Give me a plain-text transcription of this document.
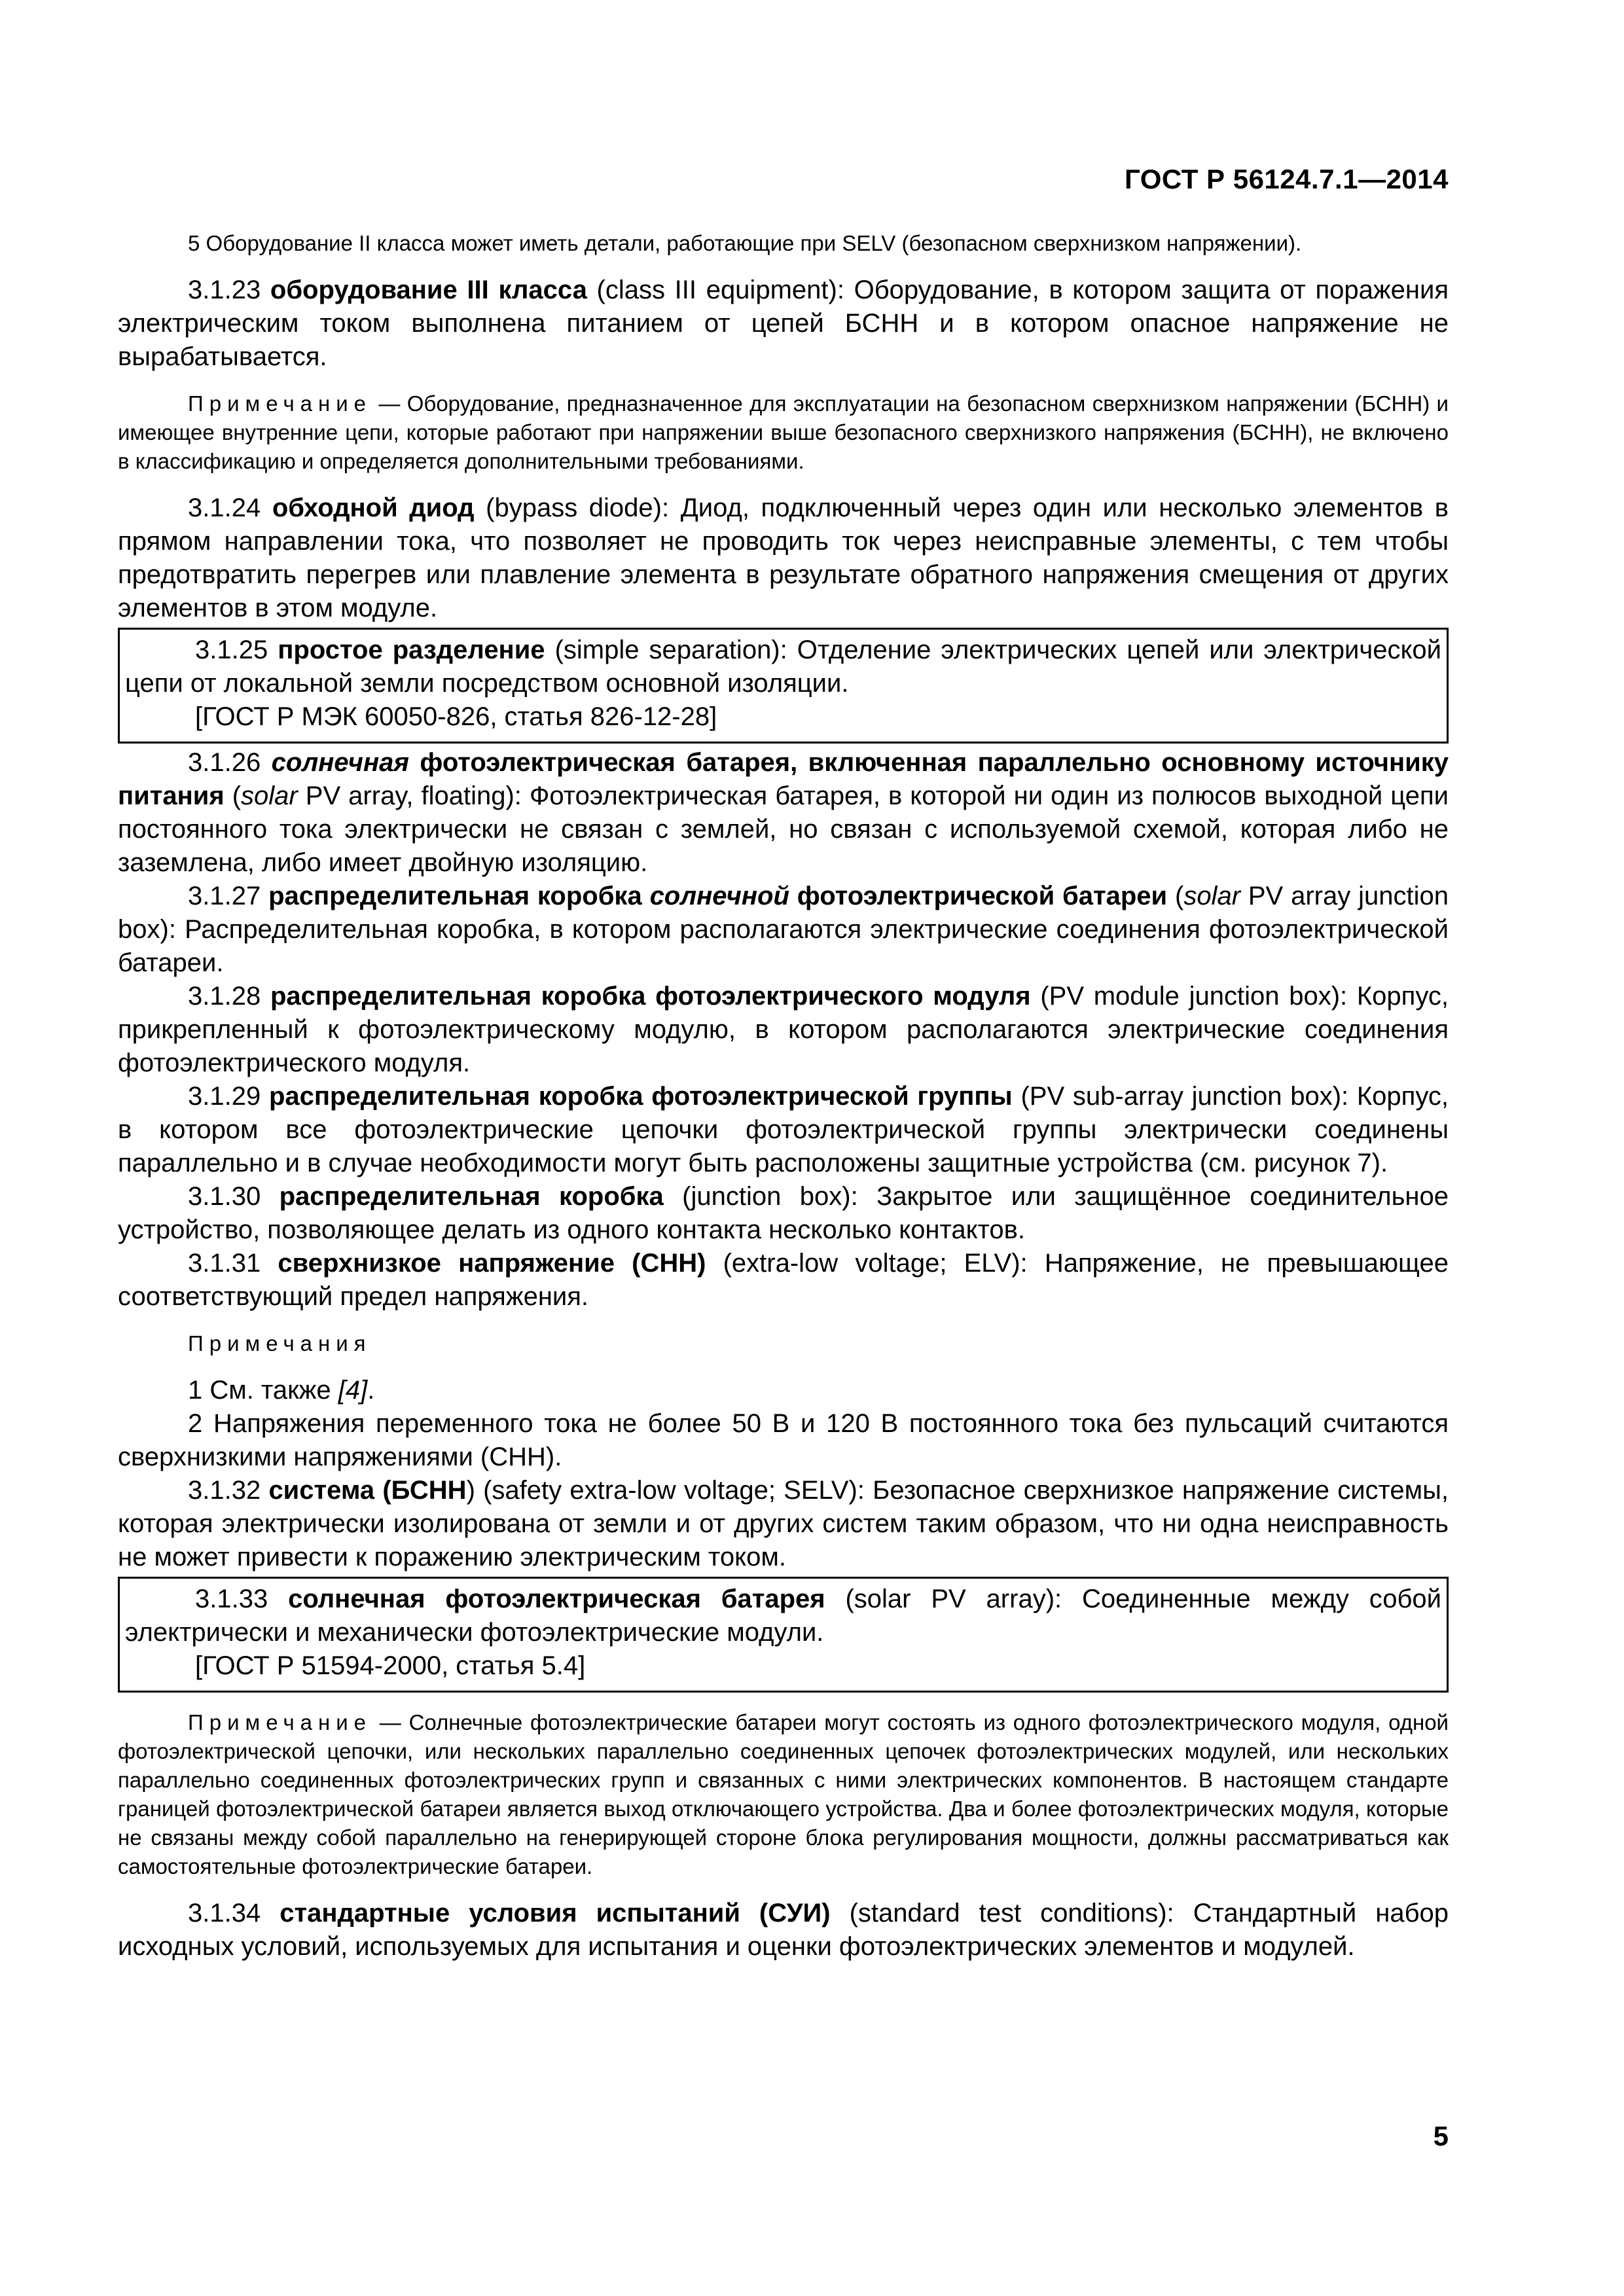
ГОСТ Р 56124.7.1—2014

5 Оборудование II класса может иметь детали, работающие при SELV (безопасном сверхнизком напряжении).

3.1.23 оборудование III класса (class III equipment): Оборудование, в котором защита от поражения электрическим током выполнена питанием от цепей БСНН и в котором опасное напряжение не вырабатывается.

Примечание — Оборудование, предназначенное для эксплуатации на безопасном сверхнизком напряжении (БСНН) и имеющее внутренние цепи, которые работают при напряжении выше безопасного сверхнизкого напряжения (БСНН), не включено в классификацию и определяется дополнительными требованиями.

3.1.24 обходной диод (bypass diode): Диод, подключенный через один или несколько элементов в прямом направлении тока, что позволяет не проводить ток через неисправные элементы, с тем чтобы предотвратить перегрев или плавление элемента в результате обратного напряжения смещения от других элементов в этом модуле.

3.1.25 простое разделение (simple separation): Отделение электрических цепей или электрической цепи от локальной земли посредством основной изоляции.

[ГОСТ Р МЭК 60050-826, статья 826-12-28]

3.1.26 солнечная фотоэлектрическая батарея, включенная параллельно основному источнику питания (solar PV array, floating): Фотоэлектрическая батарея, в которой ни один из полюсов выходной цепи постоянного тока электрически не связан с землей, но связан с используемой схемой, которая либо не заземлена, либо имеет двойную изоляцию.

3.1.27 распределительная коробка солнечной фотоэлектрической батареи (solar PV array junction box): Распределительная коробка, в котором располагаются электрические соединения фотоэлектрической батареи.

3.1.28 распределительная коробка фотоэлектрического модуля (PV module junction box): Корпус, прикрепленный к фотоэлектрическому модулю, в котором располагаются электрические соединения фотоэлектрического модуля.

3.1.29 распределительная коробка фотоэлектрической группы (PV sub-array junction box): Корпус, в котором все фотоэлектрические цепочки фотоэлектрической группы электрически соединены параллельно и в случае необходимости могут быть расположены защитные устройства (см. рисунок 7).

3.1.30 распределительная коробка (junction box): Закрытое или защищённое соединительное устройство, позволяющее делать из одного контакта несколько контактов.

3.1.31 сверхнизкое напряжение (СНН) (extra-low voltage; ELV): Напряжение, не превышающее соответствующий предел напряжения.

Примечания

1 См. также [4].

2 Напряжения переменного тока не более 50 В и 120 В постоянного тока без пульсаций считаются сверхнизкими напряжениями (СНН).

3.1.32 система (БСНН) (safety extra-low voltage; SELV): Безопасное сверхнизкое напряжение системы, которая электрически изолирована от земли и от других систем таким образом, что ни одна неисправность не может привести к поражению электрическим током.

3.1.33 солнечная фотоэлектрическая батарея (solar PV array): Соединенные между собой электрически и механически фотоэлектрические модули.

[ГОСТ Р 51594-2000, статья 5.4]

Примечание — Солнечные фотоэлектрические батареи могут состоять из одного фотоэлектрического модуля, одной фотоэлектрической цепочки, или нескольких параллельно соединенных цепочек фотоэлектрических модулей, или нескольких параллельно соединенных фотоэлектрических групп и связанных с ними электрических компонентов. В настоящем стандарте границей фотоэлектрической батареи является выход отключающего устройства. Два и более фотоэлектрических модуля, которые не связаны между собой параллельно на генерирующей стороне блока регулирования мощности, должны рассматриваться как самостоятельные фотоэлектрические батареи.

3.1.34 стандартные условия испытаний (СУИ) (standard test conditions): Стандартный набор исходных условий, используемых для испытания и оценки фотоэлектрических элементов и модулей.

5
